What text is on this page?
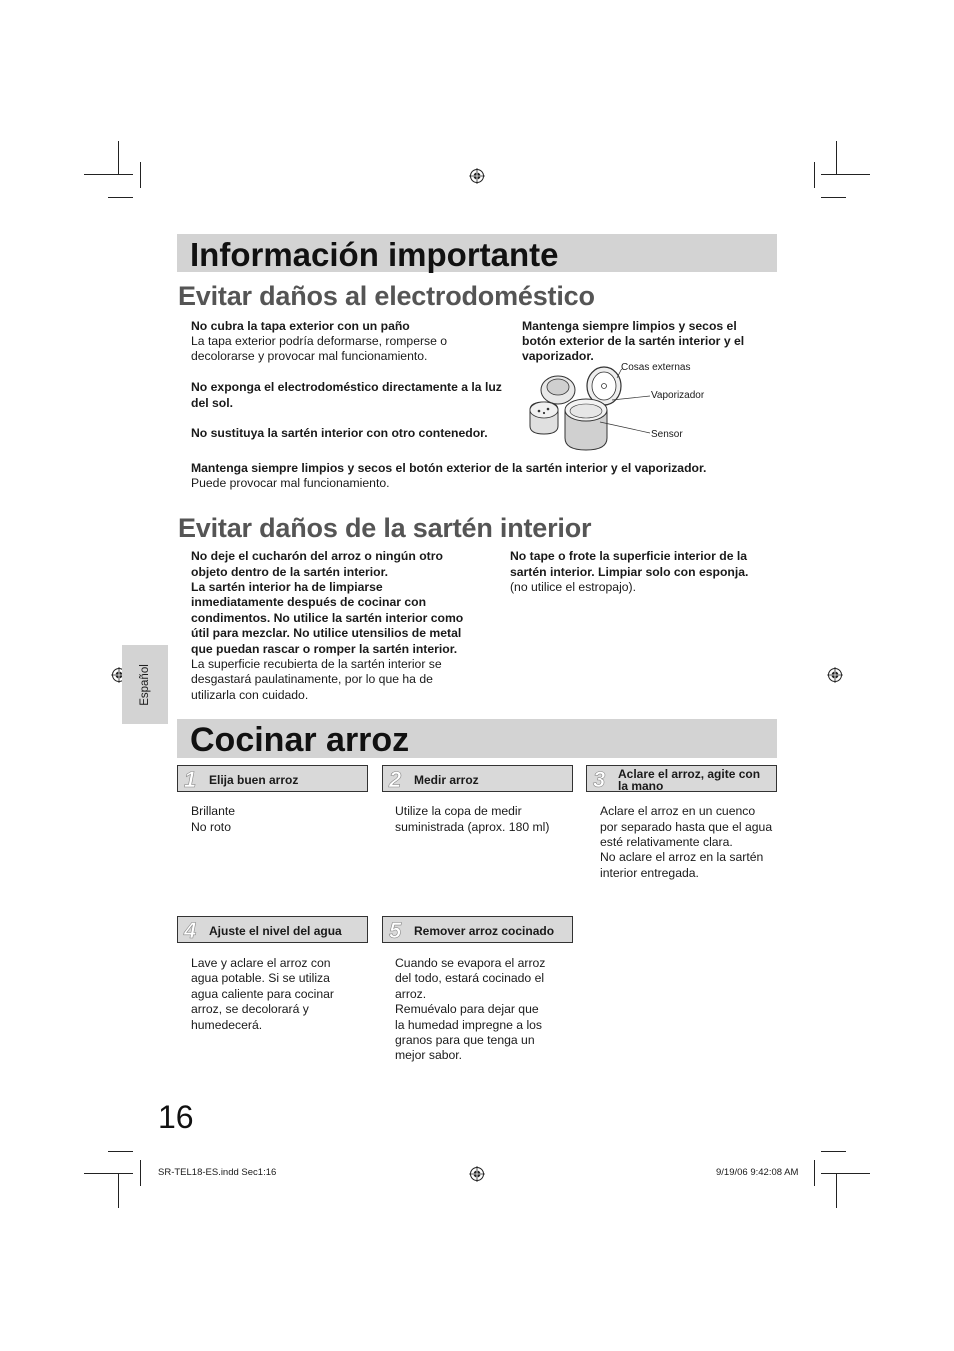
Información importante
Evitar daños al electrodoméstico
No cubra la tapa exterior con un paño
La tapa exterior podría deformarse, romperse o
decolorarse y provocar mal funcionamiento.
No exponga el electrodoméstico directamente a la luz
del sol.
No sustituya la sartén interior con otro contenedor.
Mantenga siempre limpios y secos el
botón exterior de la sartén interior y el
vaporizador.
Cosas externas
Vaporizador
Sensor
Mantenga siempre limpios y secos el botón exterior de la sartén interior y el vaporizador.
Puede provocar mal funcionamiento.
Evitar daños de la sartén interior
No deje el cucharón del arroz o ningún otro
objeto dentro de la sartén interior.
La sartén interior ha de limpiarse
inmediatamente después de cocinar con
condimentos. No utilice la sartén interior como
útil para mezclar. No utilice utensilios de metal
que puedan rascar o romper la sartén interior.
La superficie recubierta de la sartén interior se
desgastará paulatinamente, por lo que ha de
utilizarla con cuidado.
No tape o frote la superficie interior de la
sartén interior. Limpiar solo con esponja.
(no utilice el estropajo).
Español
Cocinar arroz
1 Elija buen arroz
Brillante
No roto
2 Medir arroz
Utilize la copa de medir
suministrada (aprox. 180 ml)
3 Aclare el arroz, agite con
la mano
Aclare el arroz en un cuenco
por separado hasta que el agua
esté relativamente clara.
No aclare el arroz en la sartén
interior entregada.
4 Ajuste el nivel del agua
Lave y aclare el arroz con
agua potable. Si se utiliza
agua caliente para cocinar
arroz, se decolorará y
humedecerá.
5 Remover arroz cocinado
Cuando se evapora el arroz
del todo, estará cocinado el
arroz.
Remuévalo para dejar que
la humedad impregne a los
granos para que tenga un
mejor sabor.
16
SR-TEL18-ES.indd Sec1:16	9/19/06 9:42:08 AM
